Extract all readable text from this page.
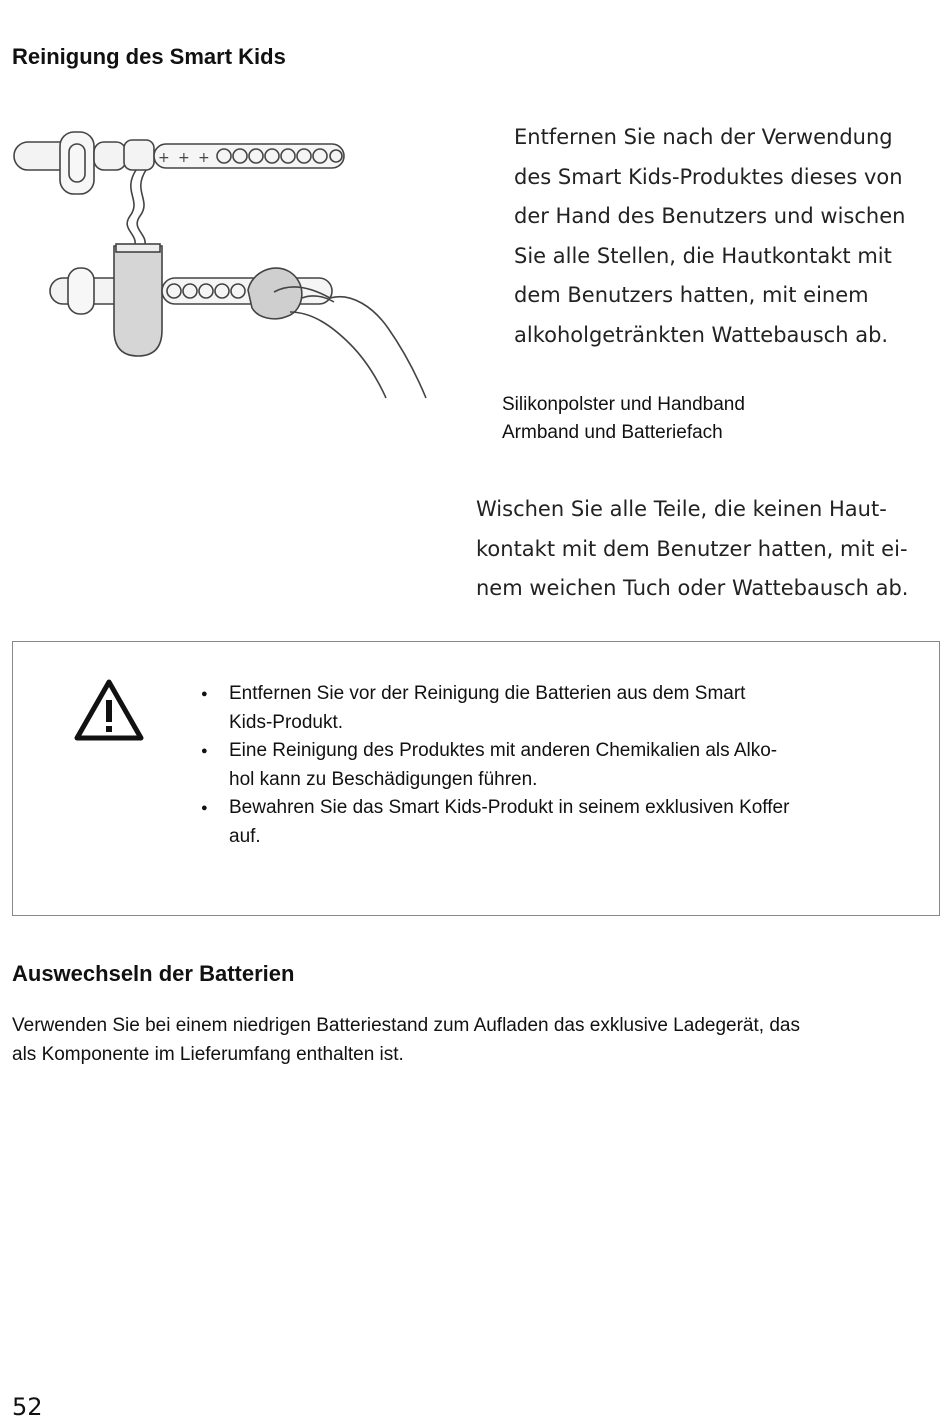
Reinigung des Smart Kids
+ + +
Entfernen Sie nach der Verwendung
des Smart Kids-Produktes dieses von
der Hand des Benutzers und wischen
Sie alle Stellen, die Hautkontakt mit
dem Benutzers hatten, mit einem
alkoholgetränkten Wattebausch ab.
Silikonpolster und Handband
Armband und Batteriefach
Wischen Sie alle Teile, die keinen Haut-
kontakt mit dem Benutzer hatten, mit ei-
nem weichen Tuch oder Wattebausch ab.
● Entfernen Sie vor der Reinigung die Batterien aus dem Smart
Kids-Produkt.
● Eine Reinigung des Produktes mit anderen Chemikalien als Alko-
hol kann zu Beschädigungen führen.
● Bewahren Sie das Smart Kids-Produkt in seinem exklusiven Koffer
auf.
Auswechseln der Batterien
Verwenden Sie bei einem niedrigen Batteriestand zum Aufladen das exklusive Ladegerät, das
als Komponente im Lieferumfang enthalten ist.
52
